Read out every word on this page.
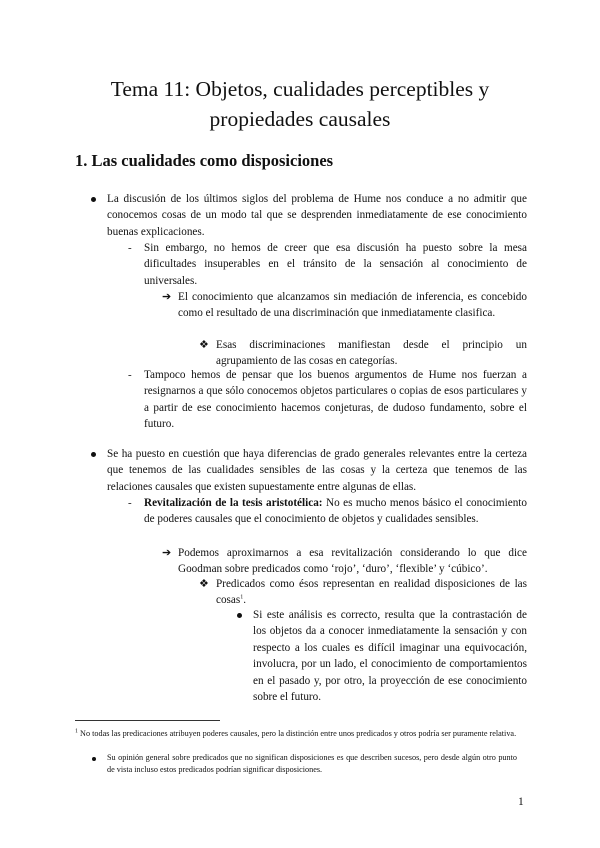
Tema 11: Objetos, cualidades perceptibles y propiedades causales
1. Las cualidades como disposiciones

La discusión de los últimos siglos del problema de Hume nos conduce a no admitir que conocemos cosas de un modo tal que se desprenden inmediatamente de ese conocimiento buenas explicaciones.

- Sin embargo, no hemos de creer que esa discusión ha puesto sobre la mesa dificultades insuperables en el tránsito de la sensación al conocimiento de universales.

➔ El conocimiento que alcanzamos sin mediación de inferencia, es concebido como el resultado de una discriminación que inmediatamente clasifica.

❖ Esas discriminaciones manifiestan desde el principio un agrupamiento de las cosas en categorías.

- Tampoco hemos de pensar que los buenos argumentos de Hume nos fuerzan a resignarnos a que sólo conocemos objetos particulares o copias de esos particulares y a partir de ese conocimiento hacemos conjeturas, de dudoso fundamento, sobre el futuro.

Se ha puesto en cuestión que haya diferencias de grado generales relevantes entre la certeza que tenemos de las cualidades sensibles de las cosas y la certeza que tenemos de las relaciones causales que existen supuestamente entre algunas de ellas.

- Revitalización de la tesis aristotélica: No es mucho menos básico el conocimiento de poderes causales que el conocimiento de objetos y cualidades sensibles.

➔ Podemos aproximarnos a esa revitalización considerando lo que dice Goodman sobre predicados como ‘rojo’, ‘duro’, ‘flexible’ y ‘cúbico’.

❖ Predicados como ésos representan en realidad disposiciones de las cosas$^1$.

Si este análisis es correcto, resulta que la contrastación de los objetos da a conocer inmediatamente la sensación y con respecto a los cuales es difícil imaginar una equivocación, involucra, por un lado, el conocimiento de comportamientos en el pasado y, por otro, la proyección de ese conocimiento sobre el futuro.

$^1$ No todas las predicaciones atribuyen poderes causales, pero la distinción entre unos predicados y otros podría ser puramente relativa.

Su opinión general sobre predicados que no significan disposiciones es que describen sucesos, pero desde algún otro punto de vista incluso estos predicados podrían significar disposiciones.

1
